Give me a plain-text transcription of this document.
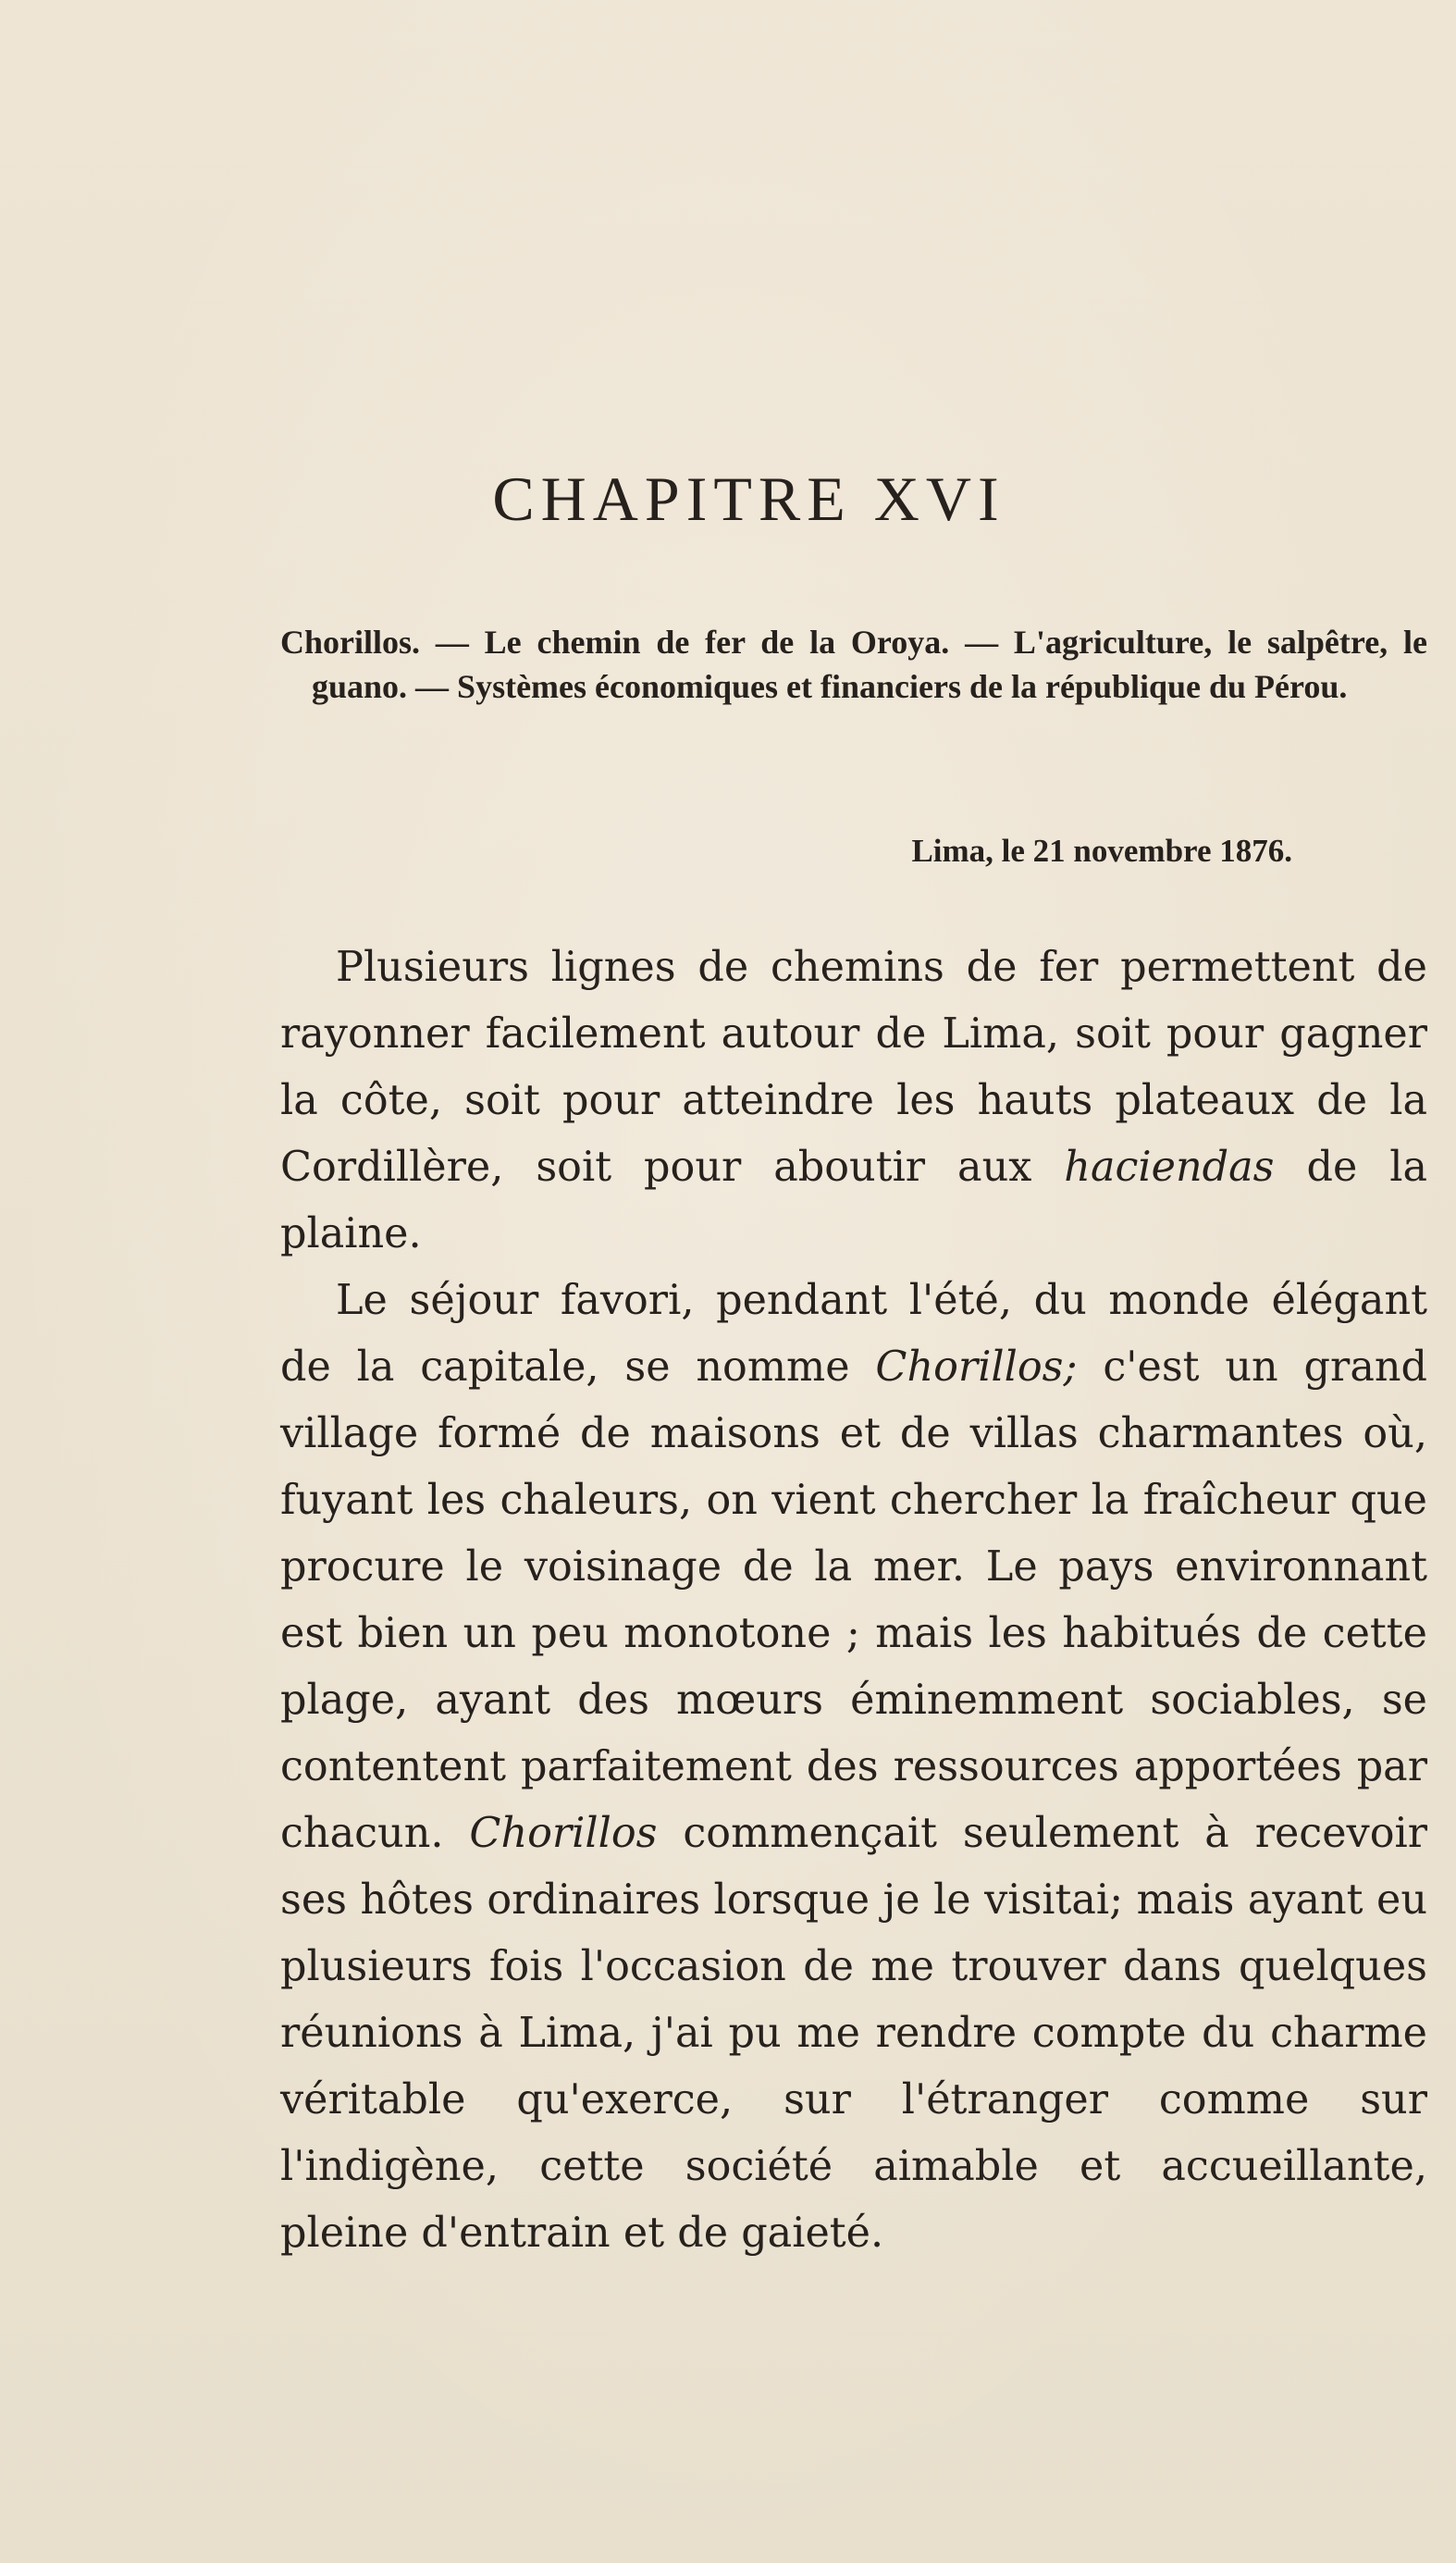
CHAPITRE XVI

Chorillos. — Le chemin de fer de la Oroya. — L'agriculture, le salpêtre, le guano. — Systèmes économiques et financiers de la république du Pérou.

Lima, le 21 novembre 1876.

Plusieurs lignes de chemins de fer permettent de rayonner facilement autour de Lima, soit pour gagner la côte, soit pour atteindre les hauts plateaux de la Cordillère, soit pour aboutir aux haciendas de la plaine.

Le séjour favori, pendant l'été, du monde élégant de la capitale, se nomme Chorillos; c'est un grand village formé de maisons et de villas charmantes où, fuyant les chaleurs, on vient chercher la fraîcheur que procure le voisinage de la mer. Le pays environnant est bien un peu monotone ; mais les habitués de cette plage, ayant des mœurs éminemment sociables, se contentent parfaitement des ressources apportées par chacun. Chorillos commençait seulement à recevoir ses hôtes ordinaires lorsque je le visitai; mais ayant eu plusieurs fois l'occasion de me trouver dans quelques réunions à Lima, j'ai pu me rendre compte du charme véritable qu'exerce, sur l'étranger comme sur l'indigène, cette société aimable et accueillante, pleine d'entrain et de gaieté.
